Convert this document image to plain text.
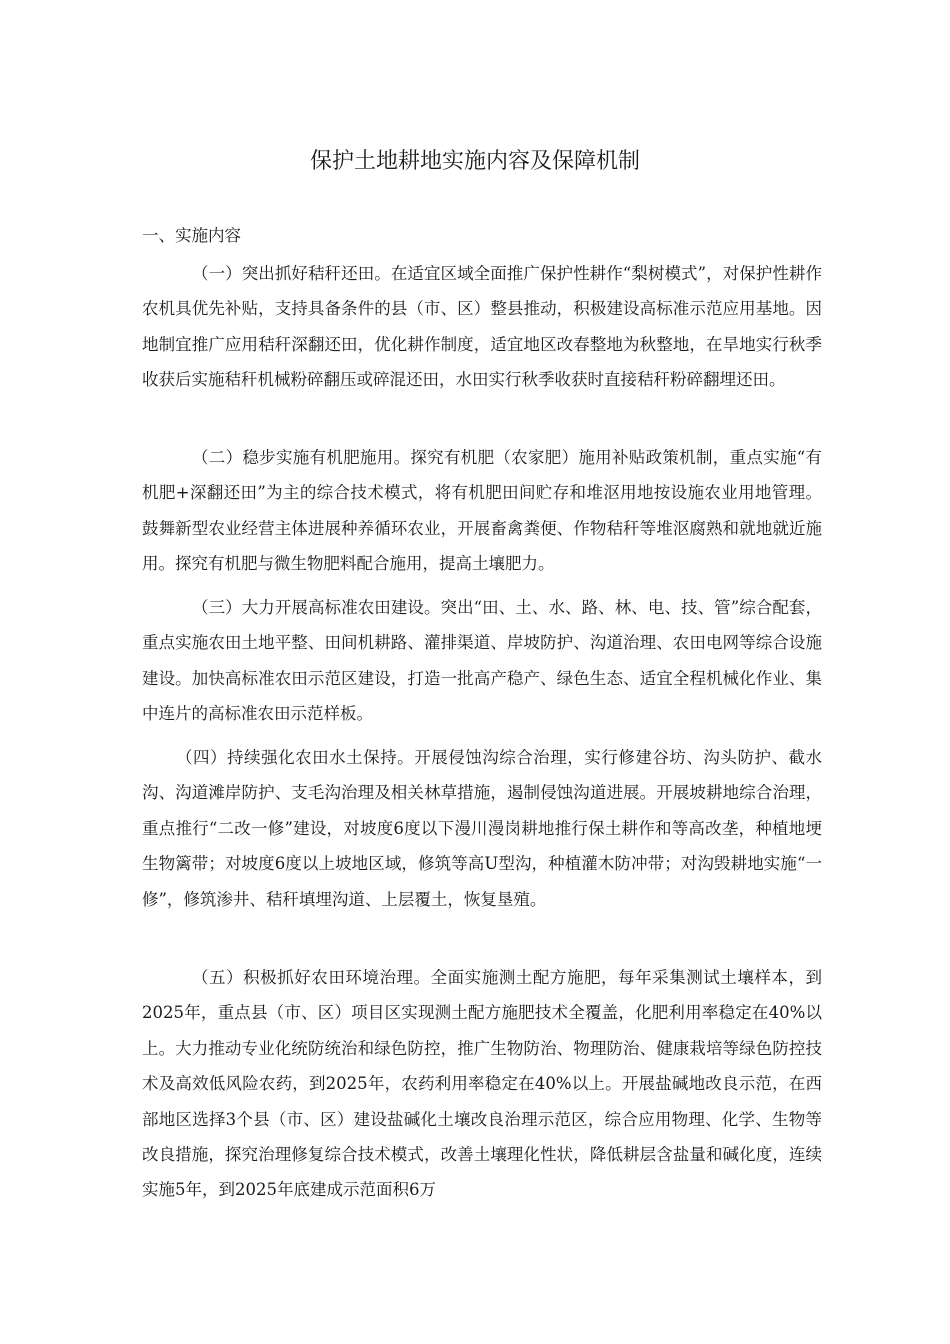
保护土地耕地实施内容及保障机制
一、实施内容

（一）突出抓好秸秆还田。在适宜区域全面推广保护性耕作“梨树模式”，对保护性耕作农机具优先补贴，支持具备条件的县（市、区）整县推动，积极建设高标准示范应用基地。因地制宜推广应用秸秆深翻还田，优化耕作制度，适宜地区改春整地为秋整地，在旱地实行秋季收获后实施秸秆机械粉碎翻压或碎混还田，水田实行秋季收获时直接秸秆粉碎翻埋还田。

（二）稳步实施有机肥施用。探究有机肥（农家肥）施用补贴政策机制，重点实施“有机肥+深翻还田”为主的综合技术模式，将有机肥田间贮存和堆沤用地按设施农业用地管理。鼓舞新型农业经营主体进展种养循环农业，开展畜禽粪便、作物秸秆等堆沤腐熟和就地就近施用。探究有机肥与微生物肥料配合施用，提高土壤肥力。

（三）大力开展高标准农田建设。突出“田、土、水、路、林、电、技、管”综合配套，重点实施农田土地平整、田间机耕路、灌排渠道、岸坡防护、沟道治理、农田电网等综合设施建设。加快高标准农田示范区建设，打造一批高产稳产、绿色生态、适宜全程机械化作业、集中连片的高标准农田示范样板。

（四）持续强化农田水土保持。开展侵蚀沟综合治理，实行修建谷坊、沟头防护、截水沟、沟道滩岸防护、支毛沟治理及相关林草措施，遏制侵蚀沟道进展。开展坡耕地综合治理，重点推行“二改一修”建设，对坡度6度以下漫川漫岗耕地推行保土耕作和等高改垄，种植地埂生物篱带；对坡度6度以上坡地区域，修筑等高U型沟，种植灌木防冲带；对沟毁耕地实施“一修”，修筑渗井、秸秆填埋沟道、上层覆土，恢复垦殖。

（五）积极抓好农田环境治理。全面实施测土配方施肥，每年采集测试土壤样本，到2025年，重点县（市、区）项目区实现测土配方施肥技术全覆盖，化肥利用率稳定在40%以上。大力推动专业化统防统治和绿色防控，推广生物防治、物理防治、健康栽培等绿色防控技术及高效低风险农药，到2025年，农药利用率稳定在40%以上。开展盐碱地改良示范，在西部地区选择3个县（市、区）建设盐碱化土壤改良治理示范区，综合应用物理、化学、生物等改良措施，探究治理修复综合技术模式，改善土壤理化性状，降低耕层含盐量和碱化度，连续实施5年，到2025年底建成示范面积6万
